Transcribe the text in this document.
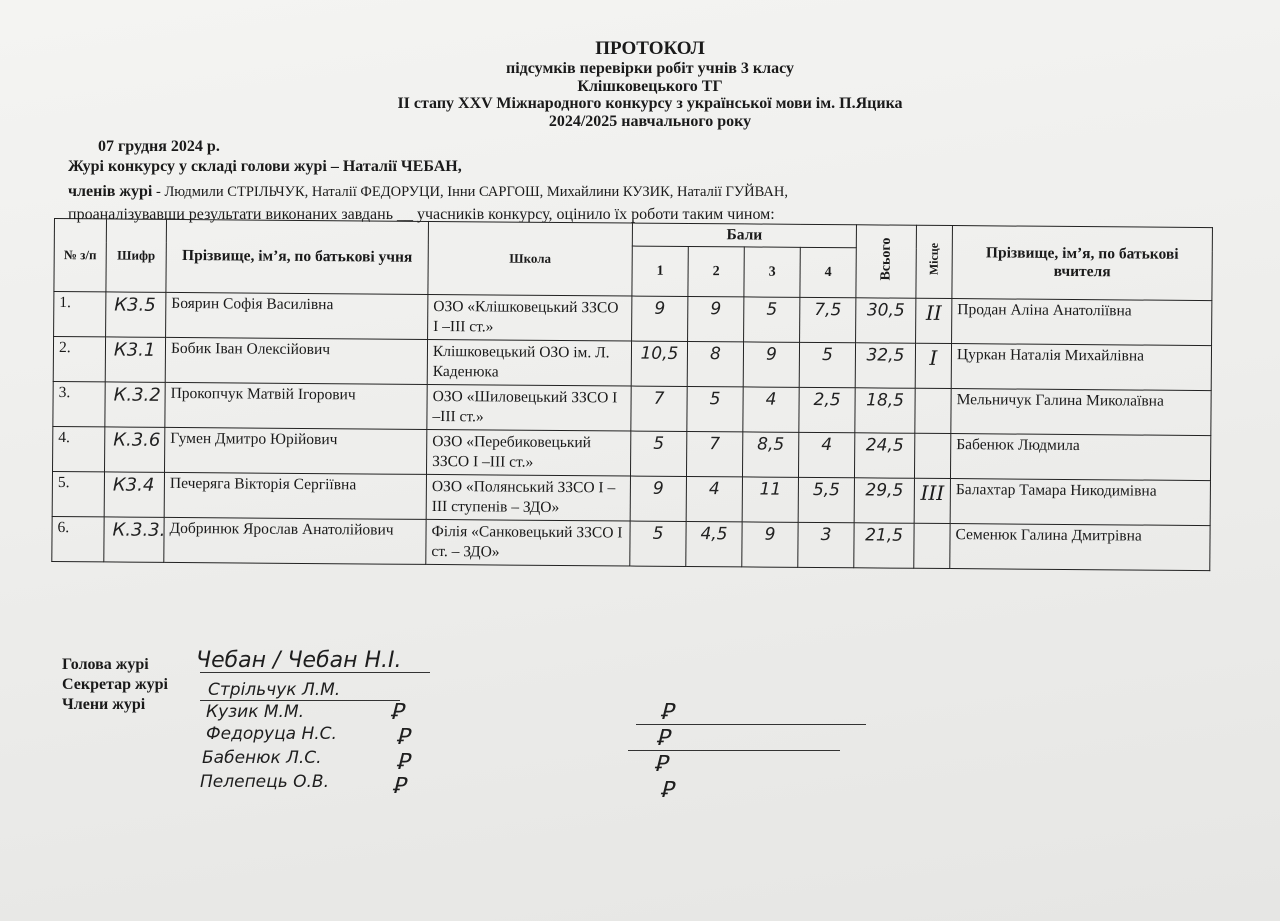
ПРОТОКОЛ
підсумків перевірки робіт учнів 3 класу
Клішковецького ТГ
ІІ стапу XXV Міжнародного конкурсу з української мови ім. П.Яцика
2024/2025 навчального року
07 грудня 2024 р.
Журі конкурсу у складі голови журі – Наталії ЧЕБАН,
членів журі - Людмили СТРІЛЬЧУК, Наталії ФЕДОРУЦИ, Інни САРГОШ, Михайлини КУЗИК, Наталії ГУЙВАН,
проаналізувавши результати виконаних завдань __ учасників конкурсу, оцінило їх роботи таким чином:
№ з/п	Шифр	Прізвище, ім’я, по батькові учня	Школа	Бали				Всього	Місце	Прізвище, ім’я, по батькові вчителя
				1	2	3	4			
1.	К3.5	Боярин Софія Василівна	ОЗО «Клішковецький ЗЗСО І –ІІІ ст.»	9	9	5	7,5	30,5	ІІ	Продан Аліна Анатоліївна
2.	К3.1	Бобик Іван Олексійович	Клішковецький ОЗО ім. Л. Каденюка	10,5	8	9	5	32,5	І	Цуркан Наталія Михайлівна
3.	К.3.2	Прокопчук Матвій Ігорович	ОЗО «Шиловецький ЗЗСО І –ІІІ ст.»	7	5	4	2,5	18,5		Мельничук Галина Миколаївна
4.	К.3.6	Гумен Дмитро Юрійович	ОЗО «Перебиковецький ЗЗСО І –ІІІ ст.»	5	7	8,5	4	24,5		Бабенюк Людмила
5.	К3.4	Печеряга Вікторія Сергіївна	ОЗО «Полянський ЗЗСО І –ІІІ ступенів – ЗДО»	9	4	11	5,5	29,5	ІІІ	Балахтар Тамара Никодимівна
6.	К.3.3.	Добринюк Ярослав Анатолійович	Філія «Санковецький ЗЗСО І ст. – ЗДО»	5	4,5	9	3	21,5		Семенюк Галина Дмитрівна
Голова журі
Секретар журі
Члени журі
Чебан / Чебан Н.І.
Стрільчук Л.М.
Кузик М.М.
Федоруца Н.С.
Бабенюк Л.С.
Пелепець О.В.
Ꝑ
Ꝑ
Ꝑ
Ꝑ
Ꝑ
Ꝑ
Ꝑ
Ꝑ
